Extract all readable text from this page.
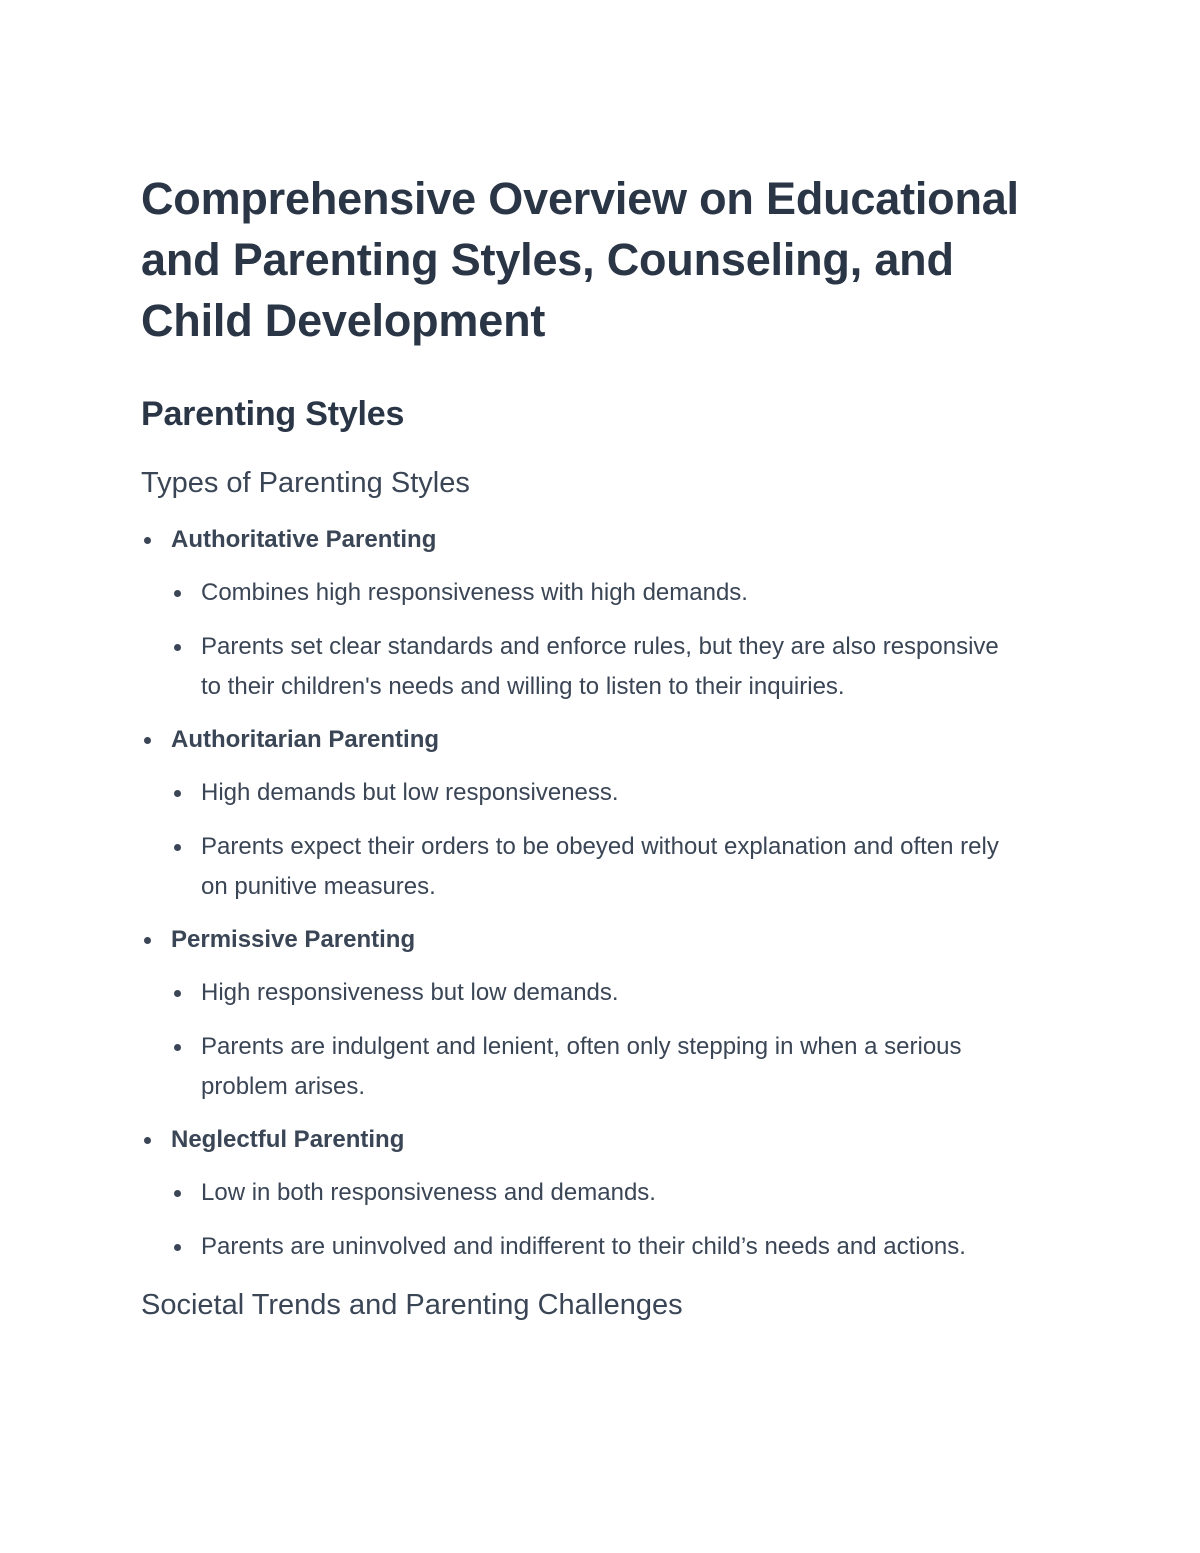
Comprehensive Overview on Educational and Parenting Styles, Counseling, and Child Development
Parenting Styles
Types of Parenting Styles
Authoritative Parenting
Combines high responsiveness with high demands.
Parents set clear standards and enforce rules, but they are also responsive to their children's needs and willing to listen to their inquiries.
Authoritarian Parenting
High demands but low responsiveness.
Parents expect their orders to be obeyed without explanation and often rely on punitive measures.
Permissive Parenting
High responsiveness but low demands.
Parents are indulgent and lenient, often only stepping in when a serious problem arises.
Neglectful Parenting
Low in both responsiveness and demands.
Parents are uninvolved and indifferent to their child’s needs and actions.
Societal Trends and Parenting Challenges
